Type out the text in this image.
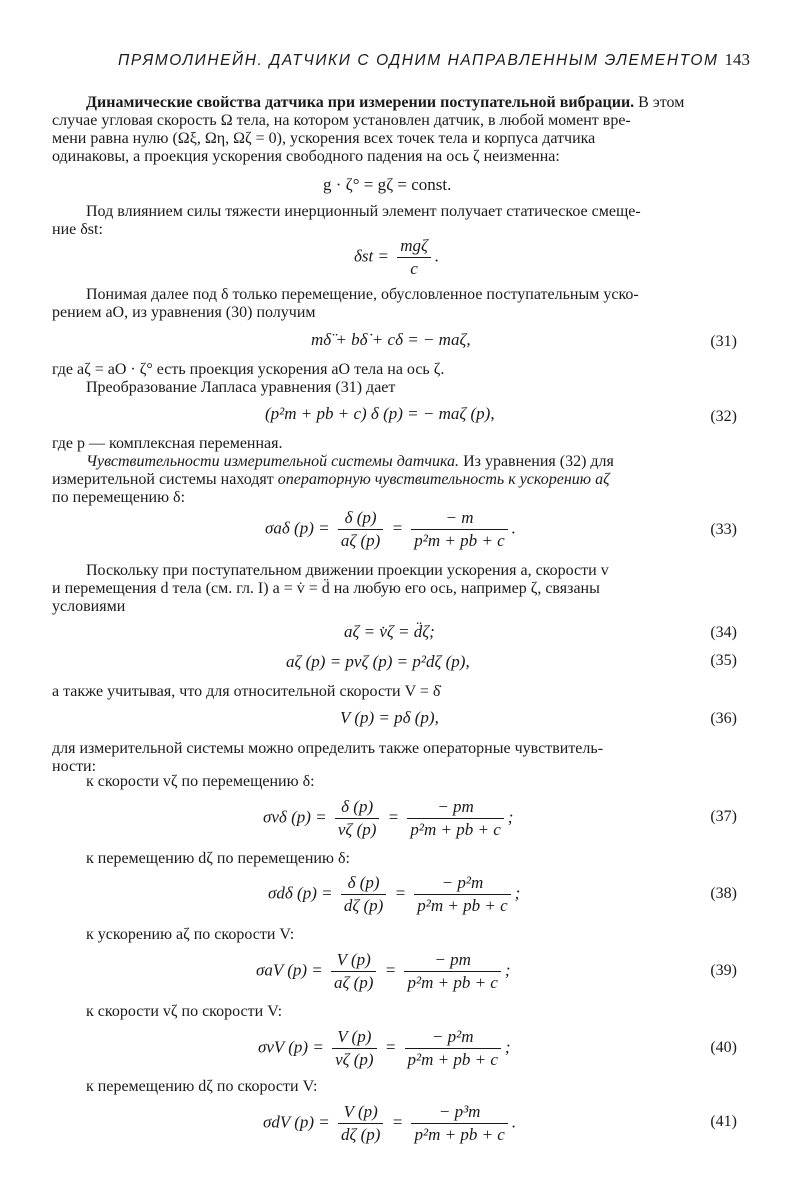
ПРЯМОЛИНЕЙН. ДАТЧИКИ С ОДНИМ НАПРАВЛЕННЫМ ЭЛЕМЕНТОМ 143
Динамические свойства датчика при измерении поступательной вибрации. В этом
случае угловая скорость Ω тела, на котором установлен датчик, в любой момент вре-
мени равна нулю (Ωξ, Ωη, Ωζ = 0), ускорения всех точек тела и корпуса датчика
одинаковы, а проекция ускорения свободного падения на ось ζ неизменна:
g · ζ° = gζ = const.
Под влиянием силы тяжести инерционный элемент получает статическое смеще-
ние δst:
$\delta st = \frac{\text{mgζ}}{c}$ .
Понимая далее под δ только перемещение, обусловленное поступательным уско-
рением aO, из уравнения (30) получим
mδ̈ + bδ̇ + cδ = − maζ,	(31)
где aζ = aO · ζ° есть проекция ускорения aO тела на ось ζ.
Преобразование Лапласа уравнения (31) дает
(p²m + pb + c) δ (p) = − maζ (p),	(32)
где p — комплексная переменная.
Чувствительности измерительной системы датчика. Из уравнения (32) для
измерительной системы находят операторную чувствительность к ускорению aζ
по перемещению δ:
σaδ $(p) = \frac{\delta (p)}{a\zeta (p)} = \frac{- m}{\text{p²m + pb + c}}$ .	(33)
Поскольку при поступательном движении проекции ускорения a, скорости v
и перемещения d тела (см. гл. I) a = v̇ = d̈ на любую его ось, например ζ, связаны
условиями
aζ = v̇ζ = d̈ζ;	(34)
aζ (p) = pvζ (p) = p²dζ (p),	(35)
а также учитывая, что для относительной скорости V = δ̇
V (p) = pδ (p),	(36)
для измерительной системы можно определить также операторные чувствитель-
ности:
к скорости vζ по перемещению δ:
σvδ $(p) = \frac{\delta (p)}{v\zeta (p)} = \frac{- pm}{\text{p²m + pb + c}}$ ;	(37)
к перемещению dζ по перемещению δ:
σdδ $(p) = \frac{\delta (p)}{d\zeta (p)} = \frac{\text{− p²m}}{\text{p²m + pb + c}}$ ;	(38)
к ускорению aζ по скорости V:
σaV $(p) = \frac{V (p)}{a\zeta (p)} = \frac{- pm}{\text{p²m + pb + c}}$ ;	(39)
к скорости vζ по скорости V:
σvV $(p) = \frac{V (p)}{v\zeta (p)} = \frac{\text{− p²m}}{\text{p²m + pb + c}}$ ;	(40)
к перемещению dζ по скорости V:
σdV $(p) = \frac{V (p)}{d\zeta (p)} = \frac{\text{− p³m}}{\text{p²m + pb + c}}$ .	(41)
